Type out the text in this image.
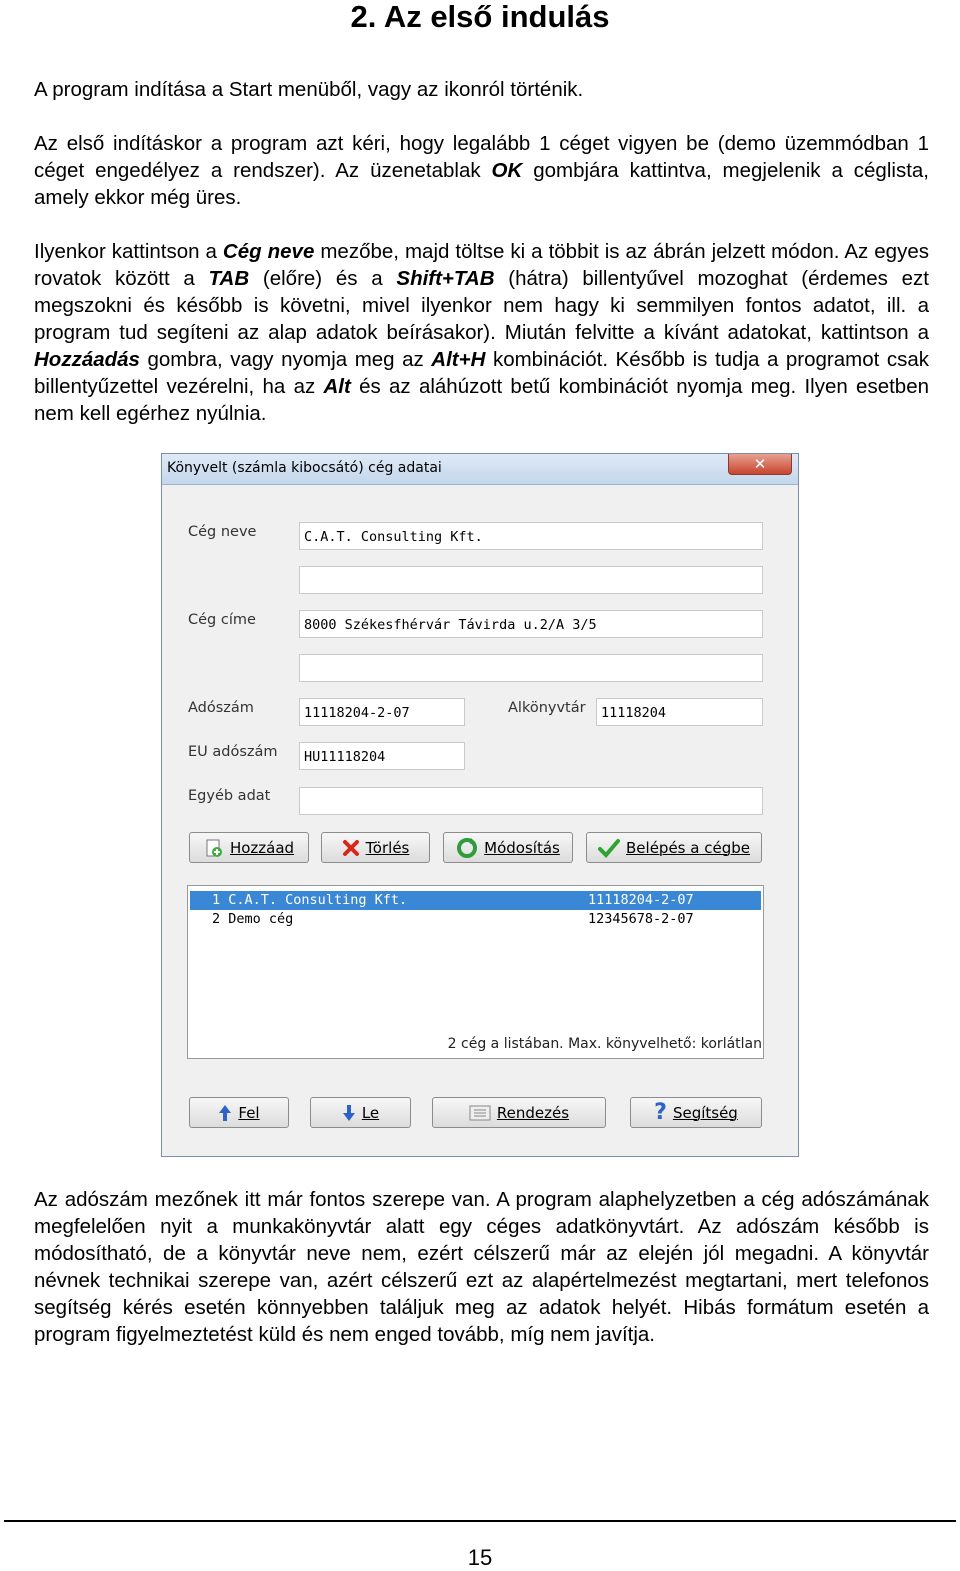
2. Az első indulás

A program indítása a Start menüből, vagy az ikonról történik.

Az első indításkor a program azt kéri, hogy legalább 1 céget vigyen be (demo üzemmódban 1 céget engedélyez a rendszer). Az üzenetablak OK gombjára kattintva, megjelenik a céglista, amely ekkor még üres.

Ilyenkor kattintson a Cég neve mezőbe, majd töltse ki a többit is az ábrán jelzett módon. Az egyes rovatok között a TAB (előre) és a Shift+TAB (hátra) billentyűvel mozoghat (érdemes ezt megszokni és később is követni, mivel ilyenkor nem hagy ki semmilyen fontos adatot, ill. a program tud segíteni az alap adatok beírásakor). Miután felvitte a kívánt adatokat, kattintson a Hozzáadás gombra, vagy nyomja meg az Alt+H kombinációt. Később is tudja a programot csak billentyűzettel vezérelni, ha az Alt és az aláhúzott betű kombinációt nyomja meg. Ilyen esetben nem kell egérhez nyúlnia.

Könyvelt (számla kibocsátó) cég adatai	✕
Cég neve	C.A.T. Consulting Kft.
Cég címe	8000 Székesfhérvár Távirda u.2/A 3/5
Adószám	11118204-2-07	Alkönyvtár	11118204
EU adószám	HU11118204
Egyéb adat
Hozzáad	Törlés	Módosítás	Belépés a cégbe
1 C.A.T. Consulting Kft.	11118204-2-07
2 Demo cég	12345678-2-07
2 cég a listában. Max. könyvelhető: korlátlan
Fel	Le	Rendezés	? Segítség

Az adószám mezőnek itt már fontos szerepe van. A program alaphelyzetben a cég adószámának megfelelően nyit a munkakönyvtár alatt egy céges adatkönyvtárt. Az adószám később is módosítható, de a könyvtár neve nem, ezért célszerű már az elején jól megadni. A könyvtár névnek technikai szerepe van, azért célszerű ezt az alapértelmezést megtartani, mert telefonos segítség kérés esetén könnyebben találjuk meg az adatok helyét. Hibás formátum esetén a program figyelmeztetést küld és nem enged tovább, míg nem javítja.

15
